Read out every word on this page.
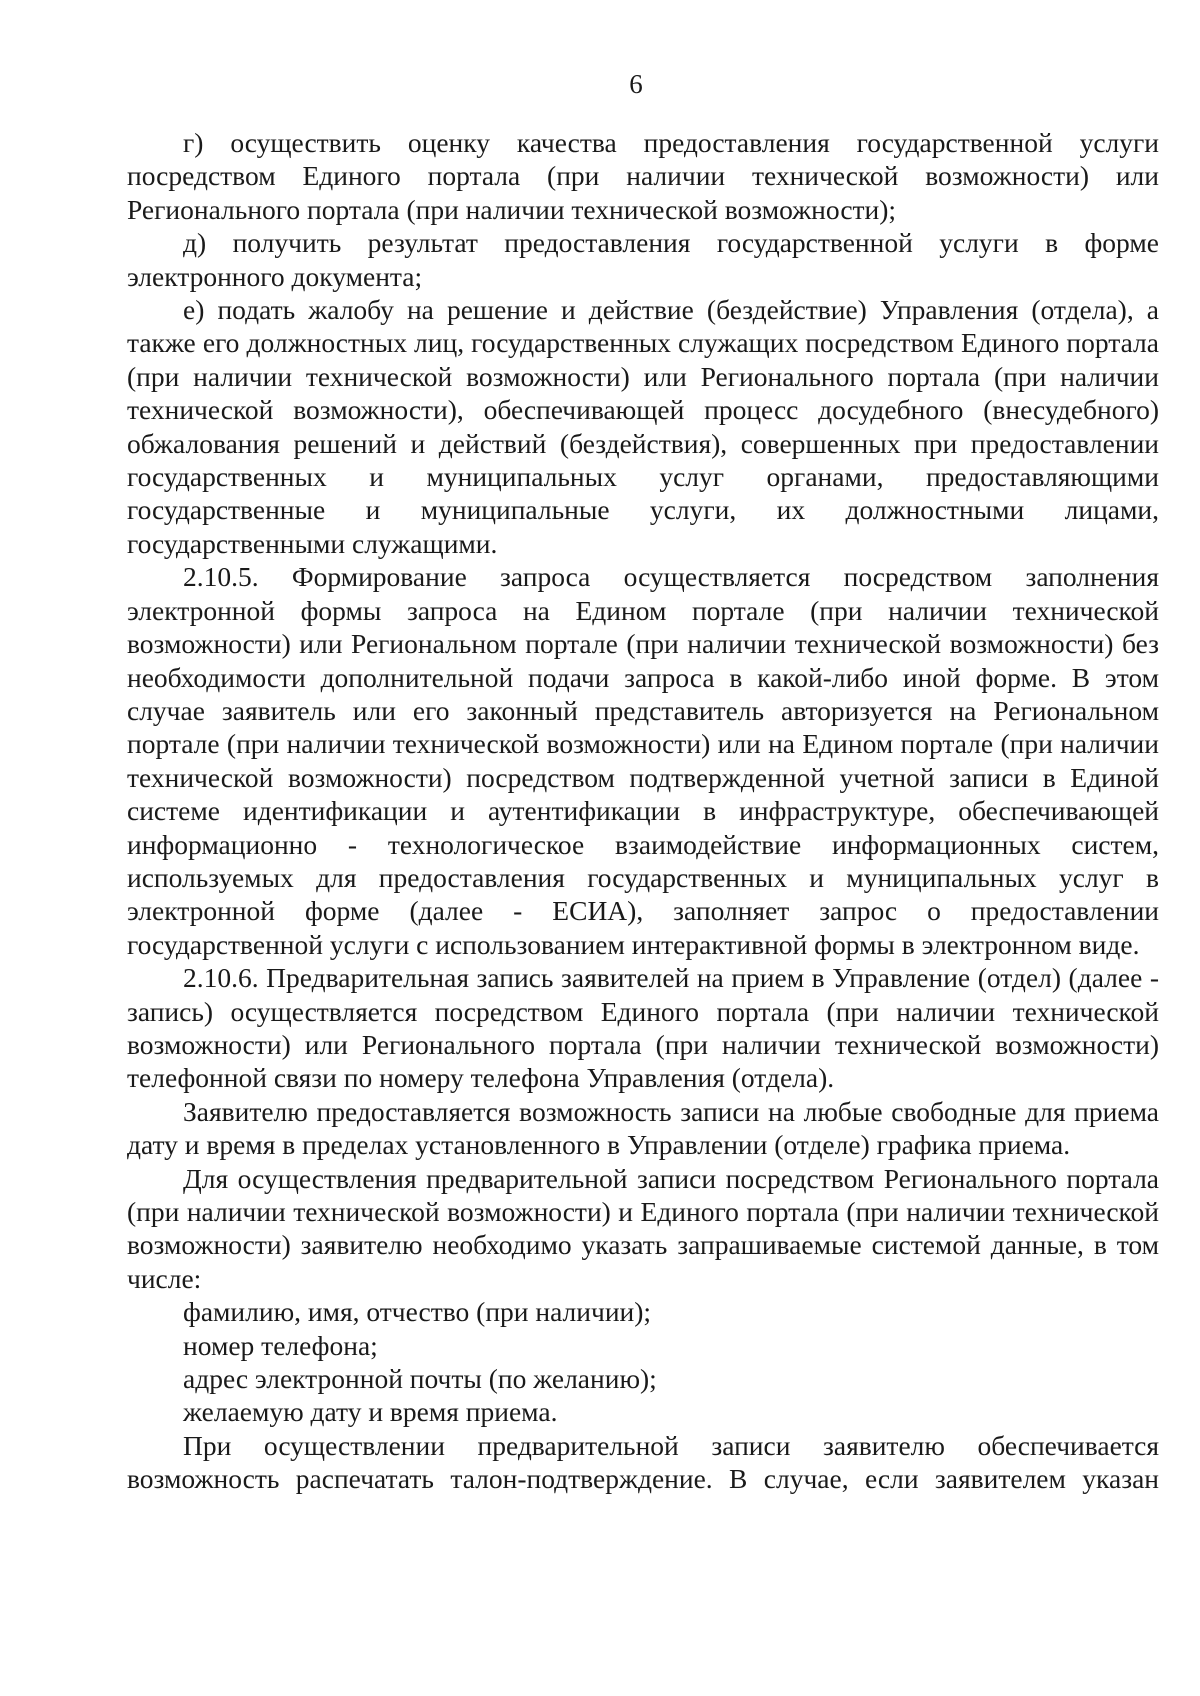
6

г) осуществить оценку качества предоставления государственной услуги посредством Единого портала (при наличии технической возможности) или Регионального портала (при наличии технической возможности);

д) получить результат предоставления государственной услуги в форме электронного документа;

е) подать жалобу на решение и действие (бездействие) Управления (отдела), а также его должностных лиц, государственных служащих посредством Единого портала (при наличии технической возможности) или Регионального портала (при наличии технической возможности), обеспечивающей процесс досудебного (внесудебного) обжалования решений и действий (бездействия), совершенных при предоставлении государственных и муниципальных услуг органами, предоставляющими государственные и муниципальные услуги, их должностными лицами, государственными служащими.

2.10.5. Формирование запроса осуществляется посредством заполнения электронной формы запроса на Едином портале (при наличии технической возможности) или Региональном портале (при наличии технической возможности) без необходимости дополнительной подачи запроса в какой-либо иной форме. В этом случае заявитель или его законный представитель авторизуется на Региональном портале (при наличии технической возможности) или на Едином портале (при наличии технической возможности) посредством подтвержденной учетной записи в Единой системе идентификации и аутентификации в инфраструктуре, обеспечивающей информационно - технологическое взаимодействие информационных систем, используемых для предоставления государственных и муниципальных услуг в электронной форме (далее - ЕСИА), заполняет запрос о предоставлении государственной услуги с использованием интерактивной формы в электронном виде.

2.10.6. Предварительная запись заявителей на прием в Управление (отдел) (далее - запись) осуществляется посредством Единого портала (при наличии технической возможности) или Регионального портала (при наличии технической возможности) телефонной связи по номеру телефона Управления (отдела).

Заявителю предоставляется возможность записи на любые свободные для приема дату и время в пределах установленного в Управлении (отделе) графика приема.

Для осуществления предварительной записи посредством Регионального портала (при наличии технической возможности) и Единого портала (при наличии технической возможности) заявителю необходимо указать запрашиваемые системой данные, в том числе:

фамилию, имя, отчество (при наличии);

номер телефона;

адрес электронной почты (по желанию);

желаемую дату и время приема.

При осуществлении предварительной записи заявителю обеспечивается возможность распечатать талон-подтверждение. В случае, если заявителем указан
